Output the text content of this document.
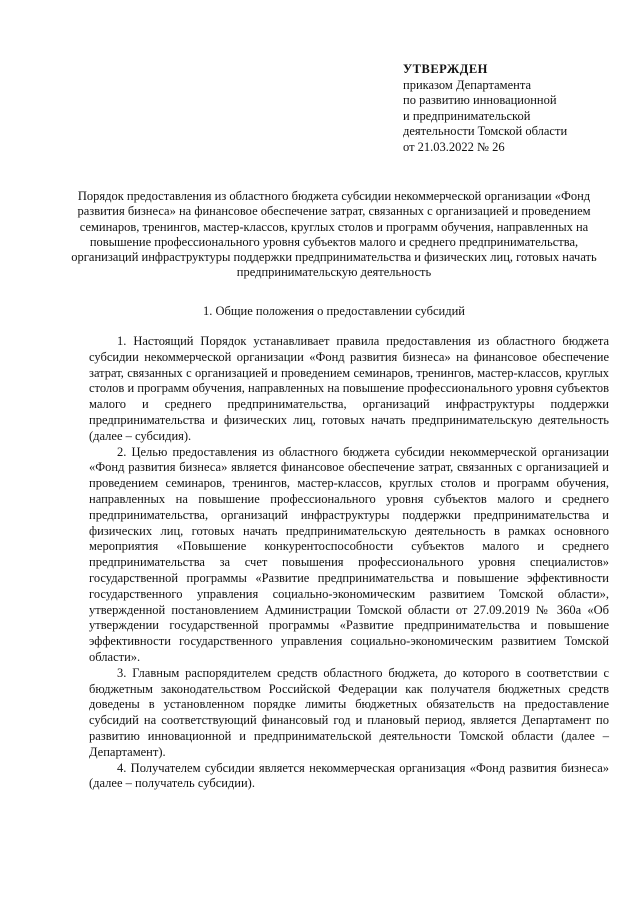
УТВЕРЖДЕН
приказом Департамента
по развитию инновационной
и предпринимательской
деятельности Томской области
от 21.03.2022 № 26
Порядок предоставления из областного бюджета субсидии некоммерческой организации «Фонд развития бизнеса» на финансовое обеспечение затрат, связанных с организацией и проведением семинаров, тренингов, мастер-классов, круглых столов и программ обучения, направленных на повышение профессионального уровня субъектов малого и среднего предпринимательства, организаций инфраструктуры поддержки предпринимательства и физических лиц, готовых начать предпринимательскую деятельность
1. Общие положения о предоставлении субсидий

1. Настоящий Порядок устанавливает правила предоставления из областного бюджета субсидии некоммерческой организации «Фонд развития бизнеса» на финансовое обеспечение затрат, связанных с организацией и проведением семинаров, тренингов, мастер-классов, круглых столов и программ обучения, направленных на повышение профессионального уровня субъектов малого и среднего предпринимательства, организаций инфраструктуры поддержки предпринимательства и физических лиц, готовых начать предпринимательскую деятельность (далее – субсидия).

2. Целью предоставления из областного бюджета субсидии некоммерческой организации «Фонд развития бизнеса» является финансовое обеспечение затрат, связанных с организацией и проведением семинаров, тренингов, мастер-классов, круглых столов и программ обучения, направленных на повышение профессионального уровня субъектов малого и среднего предпринимательства, организаций инфраструктуры поддержки предпринимательства и физических лиц, готовых начать предпринимательскую деятельность в рамках основного мероприятия «Повышение конкурентоспособности субъектов малого и среднего предпринимательства за счет повышения профессионального уровня специалистов» государственной программы «Развитие предпринимательства и повышение эффективности государственного управления социально-экономическим развитием Томской области», утвержденной постановлением Администрации Томской области от 27.09.2019 № 360а «Об утверждении государственной программы «Развитие предпринимательства и повышение эффективности государственного управления социально-экономическим развитием Томской области».

3. Главным распорядителем средств областного бюджета, до которого в соответствии с бюджетным законодательством Российской Федерации как получателя бюджетных средств доведены в установленном порядке лимиты бюджетных обязательств на предоставление субсидий на соответствующий финансовый год и плановый период, является Департамент по развитию инновационной и предпринимательской деятельности Томской области (далее – Департамент).

4. Получателем субсидии является некоммерческая организация «Фонд развития бизнеса» (далее – получатель субсидии).
